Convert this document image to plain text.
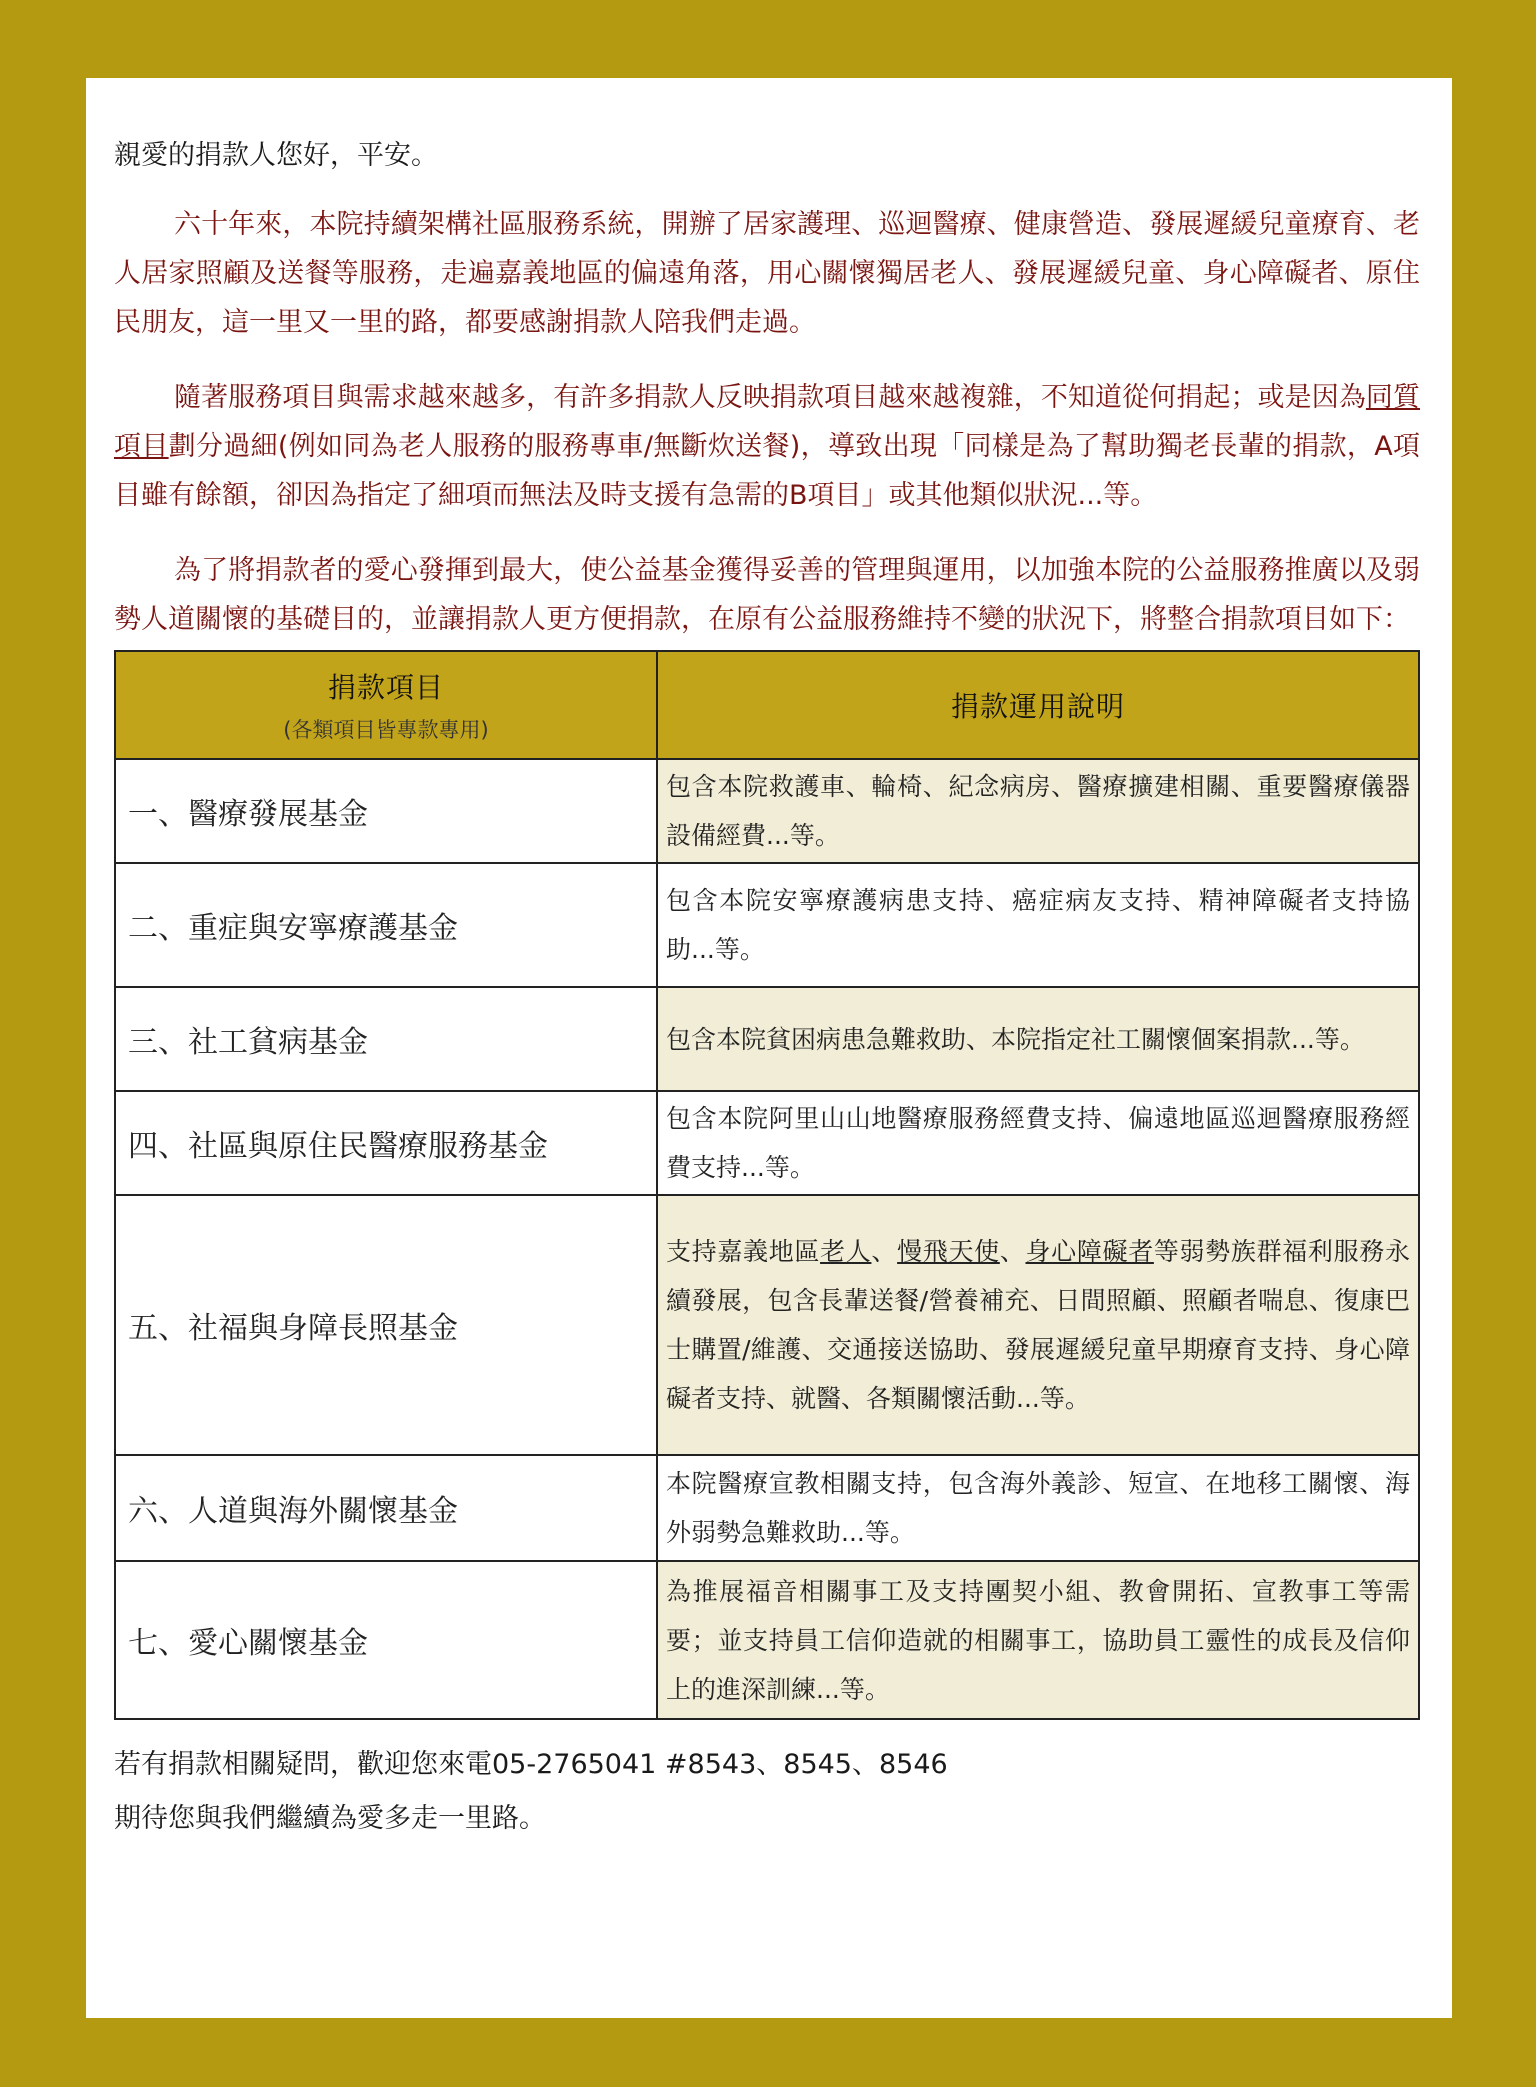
親愛的捐款人您好，平安。

六十年來，本院持續架構社區服務系統，開辦了居家護理、巡迴醫療、健康營造、發展遲緩兒童療育、老人居家照顧及送餐等服務，走遍嘉義地區的偏遠角落，用心關懷獨居老人、發展遲緩兒童、身心障礙者、原住民朋友，這一里又一里的路，都要感謝捐款人陪我們走過。

隨著服務項目與需求越來越多，有許多捐款人反映捐款項目越來越複雜，不知道從何捐起；或是因為同質項目劃分過細(例如同為老人服務的服務專車/無斷炊送餐)，導致出現「同樣是為了幫助獨老長輩的捐款，A項目雖有餘額，卻因為指定了細項而無法及時支援有急需的B項目」或其他類似狀況...等。

為了將捐款者的愛心發揮到最大，使公益基金獲得妥善的管理與運用，以加強本院的公益服務推廣以及弱勢人道關懷的基礎目的，並讓捐款人更方便捐款，在原有公益服務維持不變的狀況下，將整合捐款項目如下：

捐款項目
(各類項目皆專款專用)	捐款運用說明

一、醫療發展基金	包含本院救護車、輪椅、紀念病房、醫療擴建相關、重要醫療儀器設備經費...等。
二、重症與安寧療護基金	包含本院安寧療護病患支持、癌症病友支持、精神障礙者支持協助...等。
三、社工貧病基金	包含本院貧困病患急難救助、本院指定社工關懷個案捐款...等。
四、社區與原住民醫療服務基金	包含本院阿里山山地醫療服務經費支持、偏遠地區巡迴醫療服務經費支持...等。
五、社福與身障長照基金	支持嘉義地區老人、慢飛天使、身心障礙者等弱勢族群福利服務永續發展，包含長輩送餐/營養補充、日間照顧、照顧者喘息、復康巴士購置/維護、交通接送協助、發展遲緩兒童早期療育支持、身心障礙者支持、就醫、各類關懷活動...等。
六、人道與海外關懷基金	本院醫療宣教相關支持，包含海外義診、短宣、在地移工關懷、海外弱勢急難救助...等。
七、愛心關懷基金	為推展福音相關事工及支持團契小組、教會開拓、宣教事工等需要；並支持員工信仰造就的相關事工，協助員工靈性的成長及信仰上的進深訓練...等。
若有捐款相關疑問，歡迎您來電05-2765041 #8543、8545、8546
期待您與我們繼續為愛多走一里路。
